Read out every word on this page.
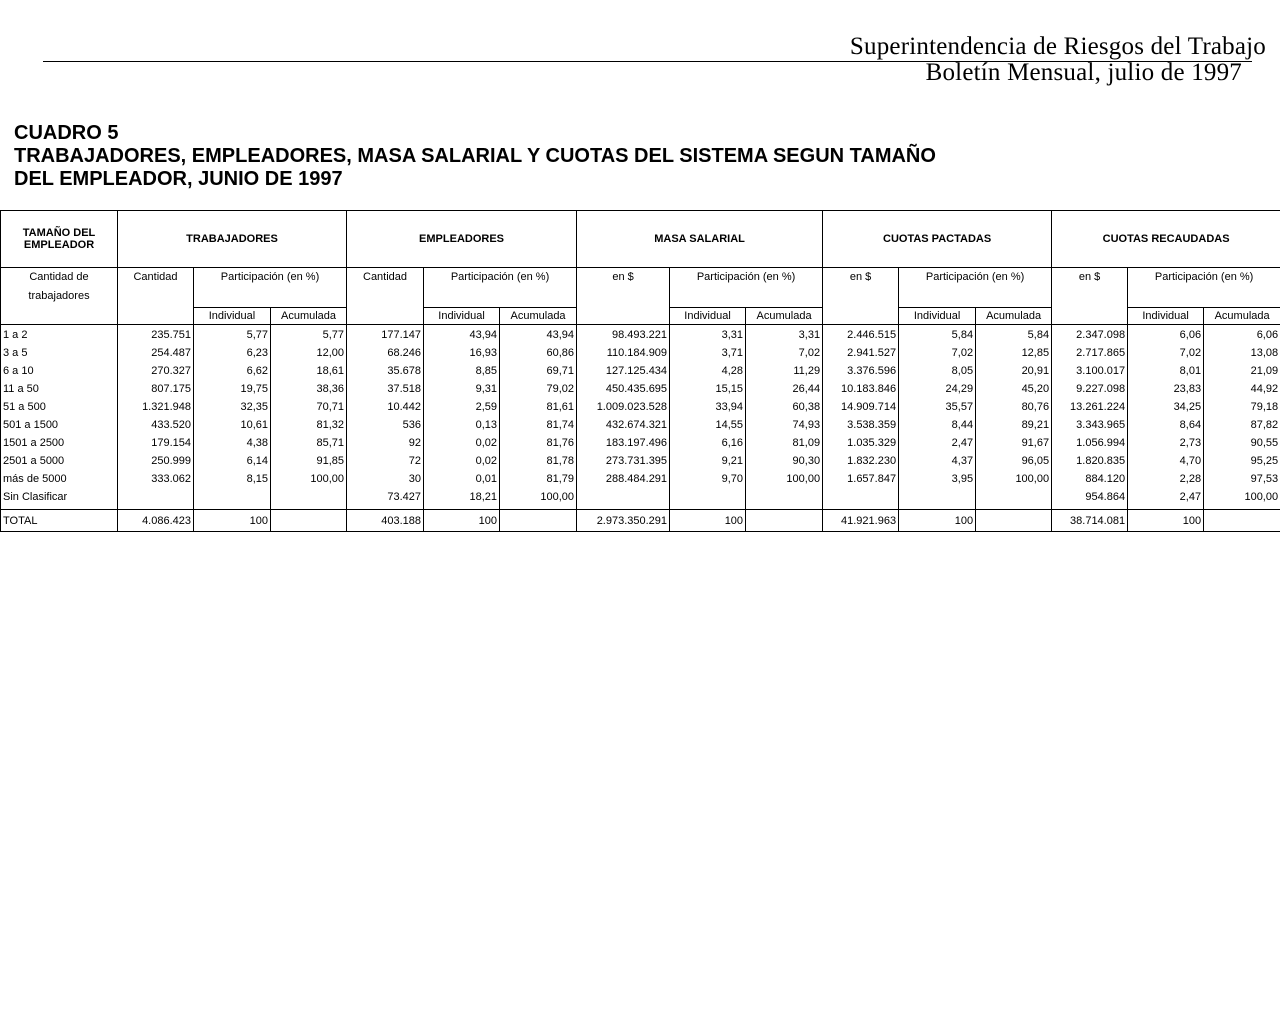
Superintendencia de Riesgos del Trabajo
Boletín Mensual, julio de 1997
CUADRO 5
TRABAJADORES, EMPLEADORES, MASA SALARIAL Y CUOTAS DEL SISTEMA SEGUN TAMAÑO
DEL EMPLEADOR, JUNIO DE 1997
TAMAÑO DEL
EMPLEADOR	TRABAJADORES			EMPLEADORES			MASA SALARIAL			CUOTAS PACTADAS			CUOTAS RECAUDADAS		
Cantidad de
trabajadores	Cantidad	Participación (en %)		Cantidad	Participación (en %)		en $	Participación (en %)		en $	Participación (en %)		en $	Participación (en %)	
		Individual	Acumulada		Individual	Acumulada		Individual	Acumulada		Individual	Acumulada		Individual	Acumulada
1 a 2	235.751	5,77	5,77	177.147	43,94	43,94	98.493.221	3,31	3,31	2.446.515	5,84	5,84	2.347.098	6,06	6,06
3 a 5	254.487	6,23	12,00	68.246	16,93	60,86	110.184.909	3,71	7,02	2.941.527	7,02	12,85	2.717.865	7,02	13,08
6 a 10	270.327	6,62	18,61	35.678	8,85	69,71	127.125.434	4,28	11,29	3.376.596	8,05	20,91	3.100.017	8,01	21,09
11 a 50	807.175	19,75	38,36	37.518	9,31	79,02	450.435.695	15,15	26,44	10.183.846	24,29	45,20	9.227.098	23,83	44,92
51 a 500	1.321.948	32,35	70,71	10.442	2,59	81,61	1.009.023.528	33,94	60,38	14.909.714	35,57	80,76	13.261.224	34,25	79,18
501 a 1500	433.520	10,61	81,32	536	0,13	81,74	432.674.321	14,55	74,93	3.538.359	8,44	89,21	3.343.965	8,64	87,82
1501 a 2500	179.154	4,38	85,71	92	0,02	81,76	183.197.496	6,16	81,09	1.035.329	2,47	91,67	1.056.994	2,73	90,55
2501 a 5000	250.999	6,14	91,85	72	0,02	81,78	273.731.395	9,21	90,30	1.832.230	4,37	96,05	1.820.835	4,70	95,25
más de 5000	333.062	8,15	100,00	30	0,01	81,79	288.484.291	9,70	100,00	1.657.847	3,95	100,00	884.120	2,28	97,53
Sin Clasificar				73.427	18,21	100,00							954.864	2,47	100,00

TOTAL	4.086.423	100		403.188	100		2.973.350.291	100		41.921.963	100		38.714.081	100	
